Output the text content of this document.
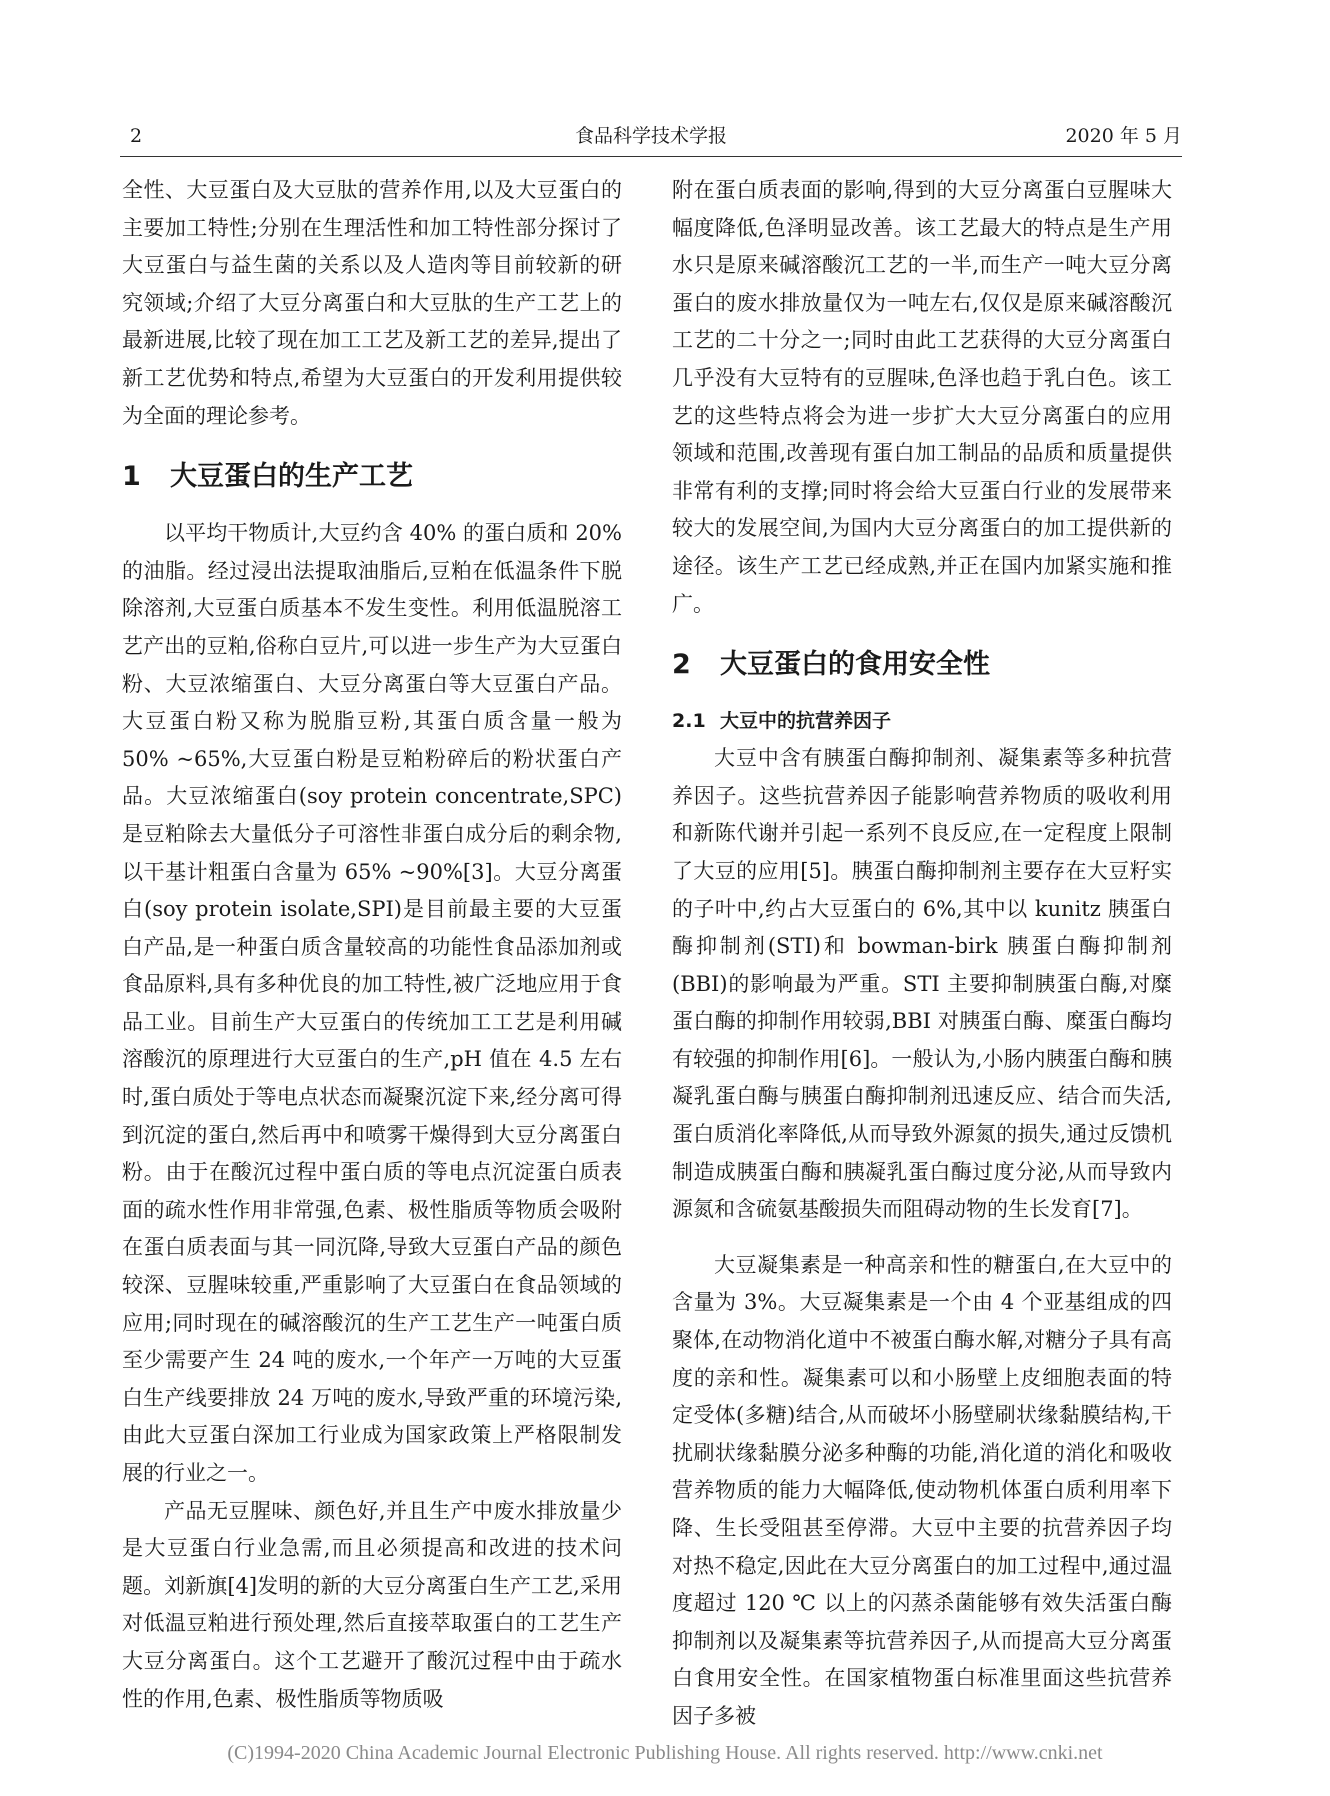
2	食品科学技术学报	2020 年 5 月

全性、大豆蛋白及大豆肽的营养作用,以及大豆蛋白的主要加工特性;分别在生理活性和加工特性部分探讨了大豆蛋白与益生菌的关系以及人造肉等目前较新的研究领域;介绍了大豆分离蛋白和大豆肽的生产工艺上的最新进展,比较了现在加工工艺及新工艺的差异,提出了新工艺优势和特点,希望为大豆蛋白的开发利用提供较为全面的理论参考。

1 大豆蛋白的生产工艺

以平均干物质计,大豆约含 40% 的蛋白质和 20% 的油脂。经过浸出法提取油脂后,豆粕在低温条件下脱除溶剂,大豆蛋白质基本不发生变性。利用低温脱溶工艺产出的豆粕,俗称白豆片,可以进一步生产为大豆蛋白粉、大豆浓缩蛋白、大豆分离蛋白等大豆蛋白产品。大豆蛋白粉又称为脱脂豆粉,其蛋白质含量一般为 50% ~65%,大豆蛋白粉是豆粕粉碎后的粉状蛋白产品。大豆浓缩蛋白(soy protein concentrate,SPC)是豆粕除去大量低分子可溶性非蛋白成分后的剩余物,以干基计粗蛋白含量为 65% ~90%[3]。大豆分离蛋白(soy protein isolate,SPI)是目前最主要的大豆蛋白产品,是一种蛋白质含量较高的功能性食品添加剂或食品原料,具有多种优良的加工特性,被广泛地应用于食品工业。目前生产大豆蛋白的传统加工工艺是利用碱溶酸沉的原理进行大豆蛋白的生产,pH 值在 4.5 左右时,蛋白质处于等电点状态而凝聚沉淀下来,经分离可得到沉淀的蛋白,然后再中和喷雾干燥得到大豆分离蛋白粉。由于在酸沉过程中蛋白质的等电点沉淀蛋白质表面的疏水性作用非常强,色素、极性脂质等物质会吸附在蛋白质表面与其一同沉降,导致大豆蛋白产品的颜色较深、豆腥味较重,严重影响了大豆蛋白在食品领域的应用;同时现在的碱溶酸沉的生产工艺生产一吨蛋白质至少需要产生 24 吨的废水,一个年产一万吨的大豆蛋白生产线要排放 24 万吨的废水,导致严重的环境污染,由此大豆蛋白深加工行业成为国家政策上严格限制发展的行业之一。

产品无豆腥味、颜色好,并且生产中废水排放量少是大豆蛋白行业急需,而且必须提高和改进的技术问题。刘新旗[4]发明的新的大豆分离蛋白生产工艺,采用对低温豆粕进行预处理,然后直接萃取蛋白的工艺生产大豆分离蛋白。这个工艺避开了酸沉过程中由于疏水性的作用,色素、极性脂质等物质吸

附在蛋白质表面的影响,得到的大豆分离蛋白豆腥味大幅度降低,色泽明显改善。该工艺最大的特点是生产用水只是原来碱溶酸沉工艺的一半,而生产一吨大豆分离蛋白的废水排放量仅为一吨左右,仅仅是原来碱溶酸沉工艺的二十分之一;同时由此工艺获得的大豆分离蛋白几乎没有大豆特有的豆腥味,色泽也趋于乳白色。该工艺的这些特点将会为进一步扩大大豆分离蛋白的应用领域和范围,改善现有蛋白加工制品的品质和质量提供非常有利的支撑;同时将会给大豆蛋白行业的发展带来较大的发展空间,为国内大豆分离蛋白的加工提供新的途径。该生产工艺已经成熟,并正在国内加紧实施和推广。

2 大豆蛋白的食用安全性
2.1 大豆中的抗营养因子

大豆中含有胰蛋白酶抑制剂、凝集素等多种抗营养因子。这些抗营养因子能影响营养物质的吸收利用和新陈代谢并引起一系列不良反应,在一定程度上限制了大豆的应用[5]。胰蛋白酶抑制剂主要存在大豆籽实的子叶中,约占大豆蛋白的 6%,其中以 kunitz 胰蛋白酶抑制剂(STI)和 bowman-birk 胰蛋白酶抑制剂(BBI)的影响最为严重。STI 主要抑制胰蛋白酶,对糜蛋白酶的抑制作用较弱,BBI 对胰蛋白酶、糜蛋白酶均有较强的抑制作用[6]。一般认为,小肠内胰蛋白酶和胰凝乳蛋白酶与胰蛋白酶抑制剂迅速反应、结合而失活,蛋白质消化率降低,从而导致外源氮的损失,通过反馈机制造成胰蛋白酶和胰凝乳蛋白酶过度分泌,从而导致内源氮和含硫氨基酸损失而阻碍动物的生长发育[7]。

大豆凝集素是一种高亲和性的糖蛋白,在大豆中的含量为 3%。大豆凝集素是一个由 4 个亚基组成的四聚体,在动物消化道中不被蛋白酶水解,对糖分子具有高度的亲和性。凝集素可以和小肠壁上皮细胞表面的特定受体(多糖)结合,从而破坏小肠壁刷状缘黏膜结构,干扰刷状缘黏膜分泌多种酶的功能,消化道的消化和吸收营养物质的能力大幅降低,使动物机体蛋白质利用率下降、生长受阻甚至停滞。大豆中主要的抗营养因子均对热不稳定,因此在大豆分离蛋白的加工过程中,通过温度超过 120 ℃ 以上的闪蒸杀菌能够有效失活蛋白酶抑制剂以及凝集素等抗营养因子,从而提高大豆分离蛋白食用安全性。在国家植物蛋白标准里面这些抗营养因子多被

(C)1994-2020 China Academic Journal Electronic Publishing House. All rights reserved. http://www.cnki.net
